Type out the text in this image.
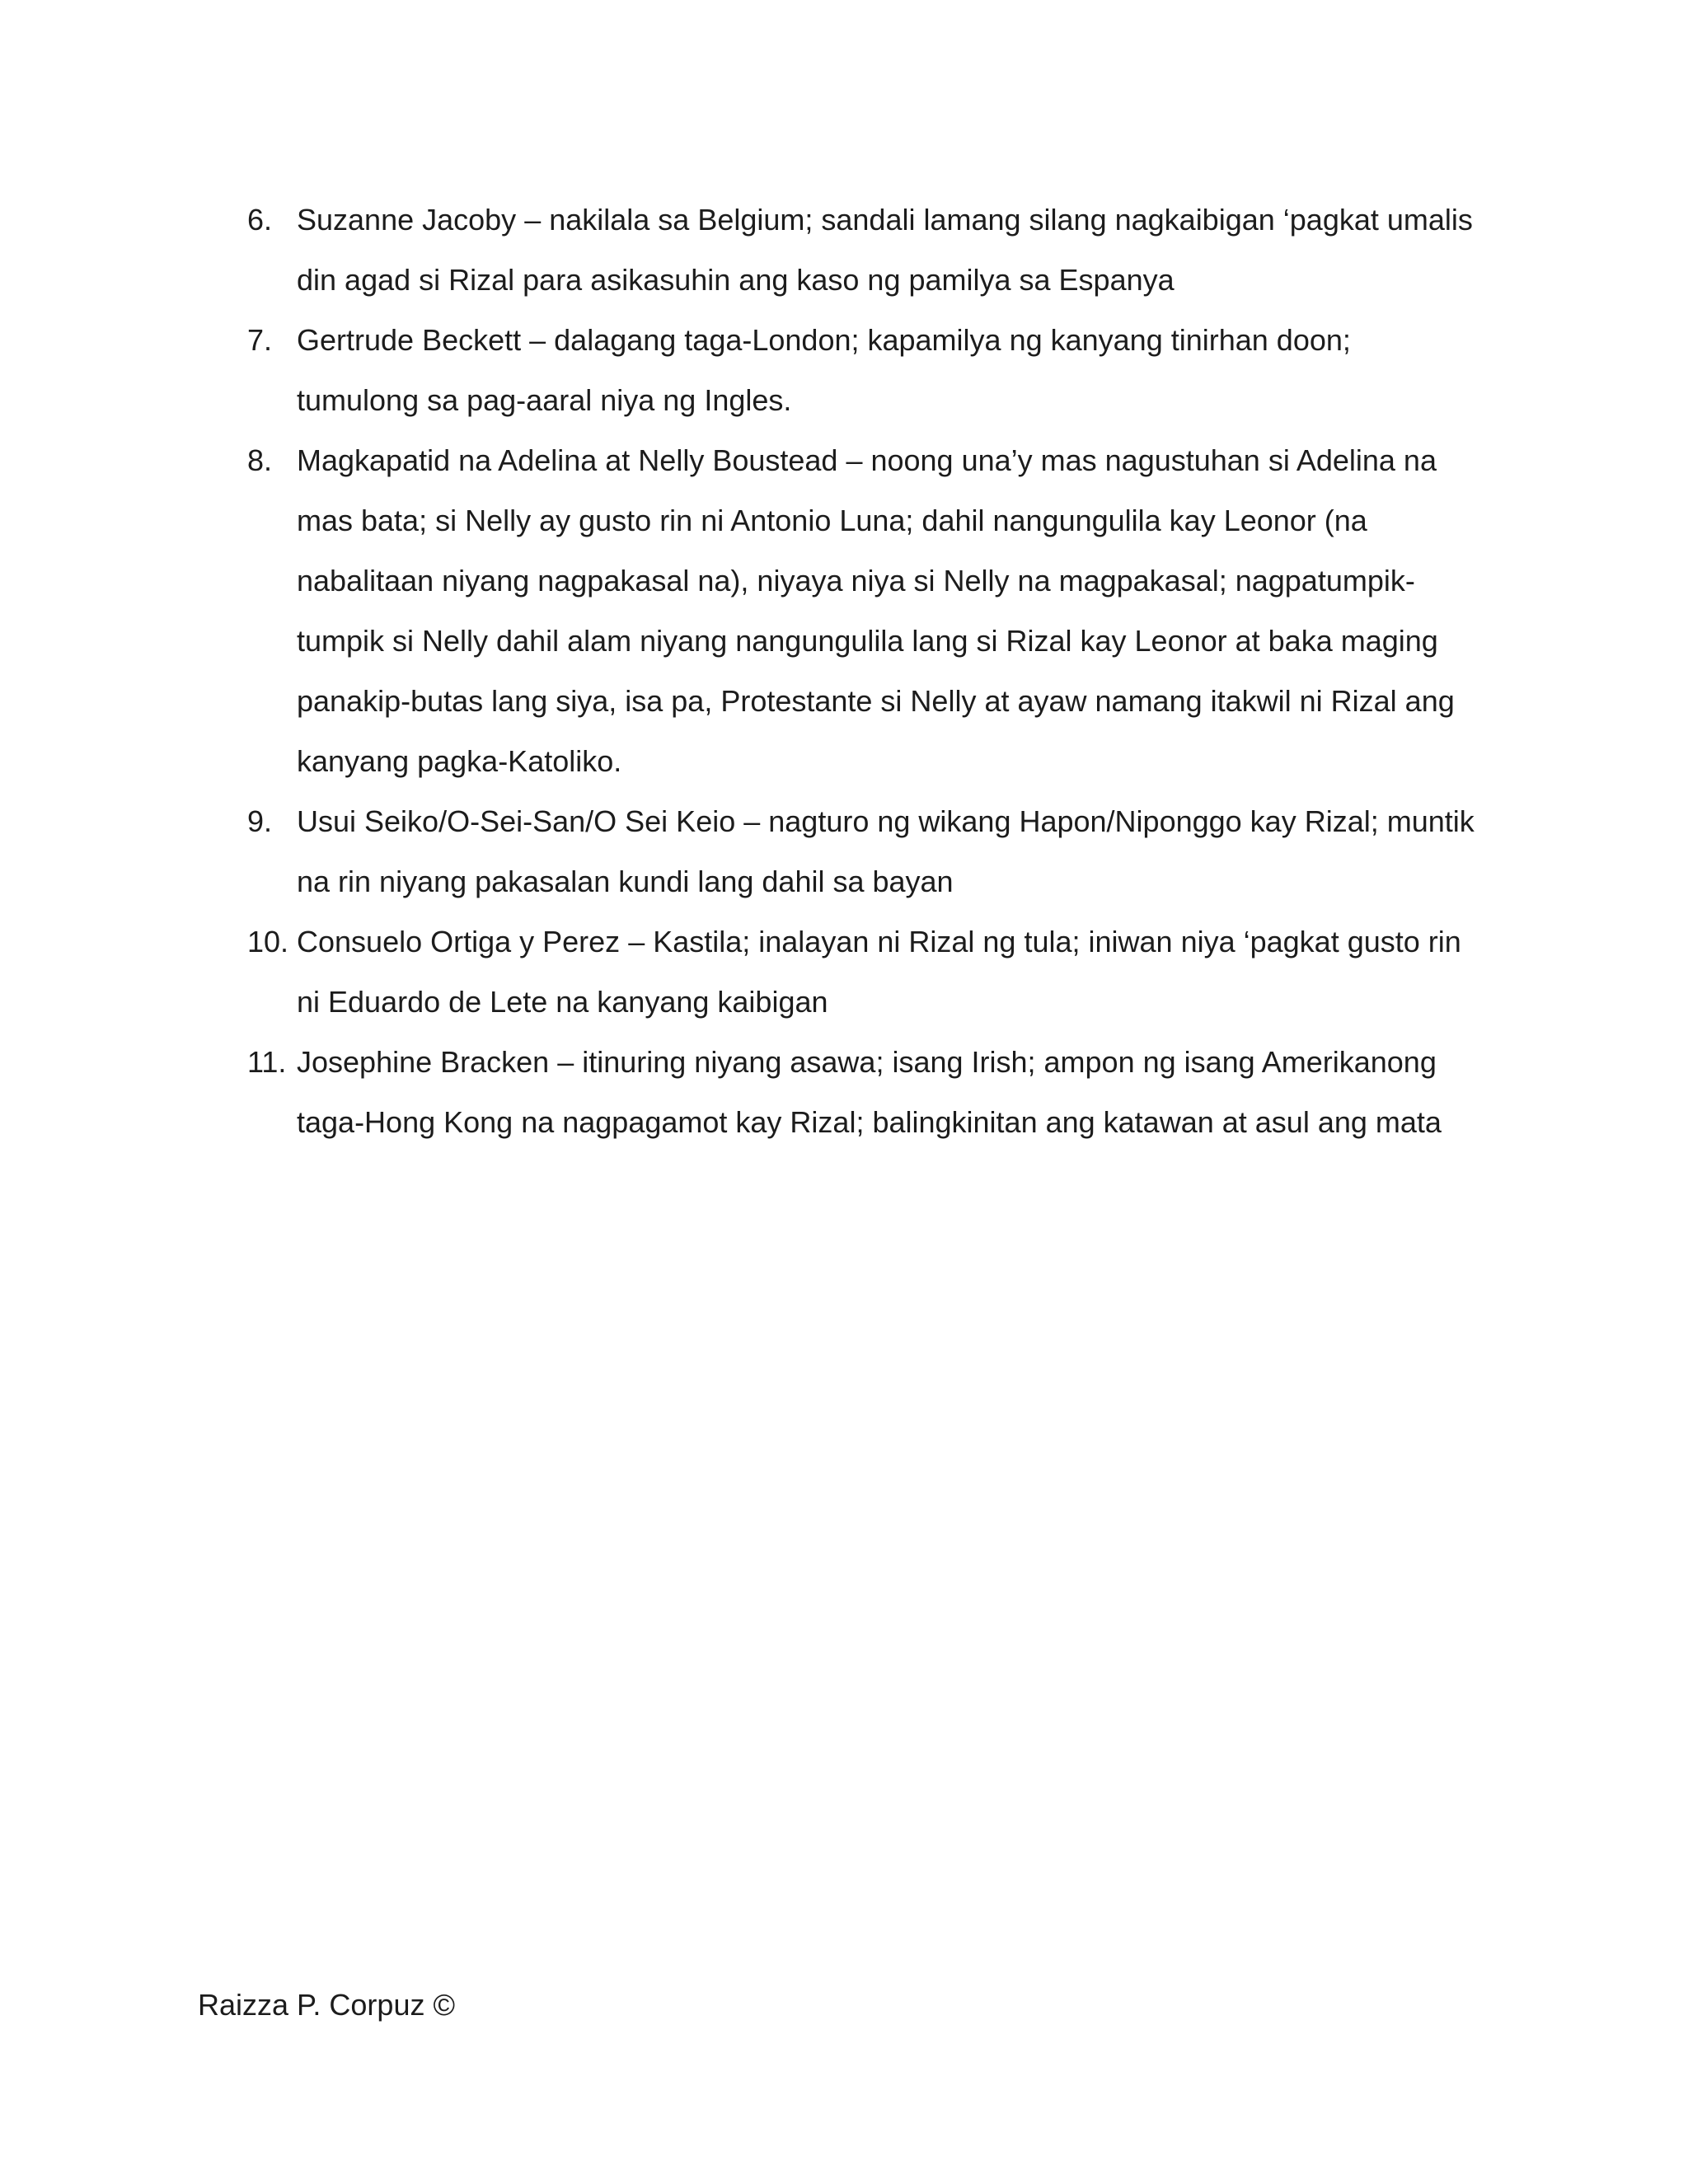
6. Suzanne Jacoby – nakilala sa Belgium; sandali lamang silang nagkaibigan ‘pagkat umalis
din agad si Rizal para asikasuhin ang kaso ng pamilya sa Espanya
7. Gertrude Beckett – dalagang taga-London; kapamilya ng kanyang tinirhan doon;
tumulong sa pag-aaral niya ng Ingles.
8. Magkapatid na Adelina at Nelly Boustead – noong una’y mas nagustuhan si Adelina na
mas bata; si Nelly ay gusto rin ni Antonio Luna; dahil nangungulila kay Leonor (na
nabalitaan niyang nagpakasal na), niyaya niya si Nelly na magpakasal; nagpatumpik-
tumpik si Nelly dahil alam niyang nangungulila lang si Rizal kay Leonor at baka maging
panakip-butas lang siya, isa pa, Protestante si Nelly at ayaw namang itakwil ni Rizal ang
kanyang pagka-Katoliko.
9. Usui Seiko/O-Sei-San/O Sei Keio – nagturo ng wikang Hapon/Niponggo kay Rizal; muntik
na rin niyang pakasalan kundi lang dahil sa bayan
10. Consuelo Ortiga y Perez – Kastila; inalayan ni Rizal ng tula; iniwan niya ‘pagkat gusto rin
ni Eduardo de Lete na kanyang kaibigan
11. Josephine Bracken – itinuring niyang asawa; isang Irish; ampon ng isang Amerikanong
taga-Hong Kong na nagpagamot kay Rizal; balingkinitan ang katawan at asul ang mata
Raizza P. Corpuz ©
